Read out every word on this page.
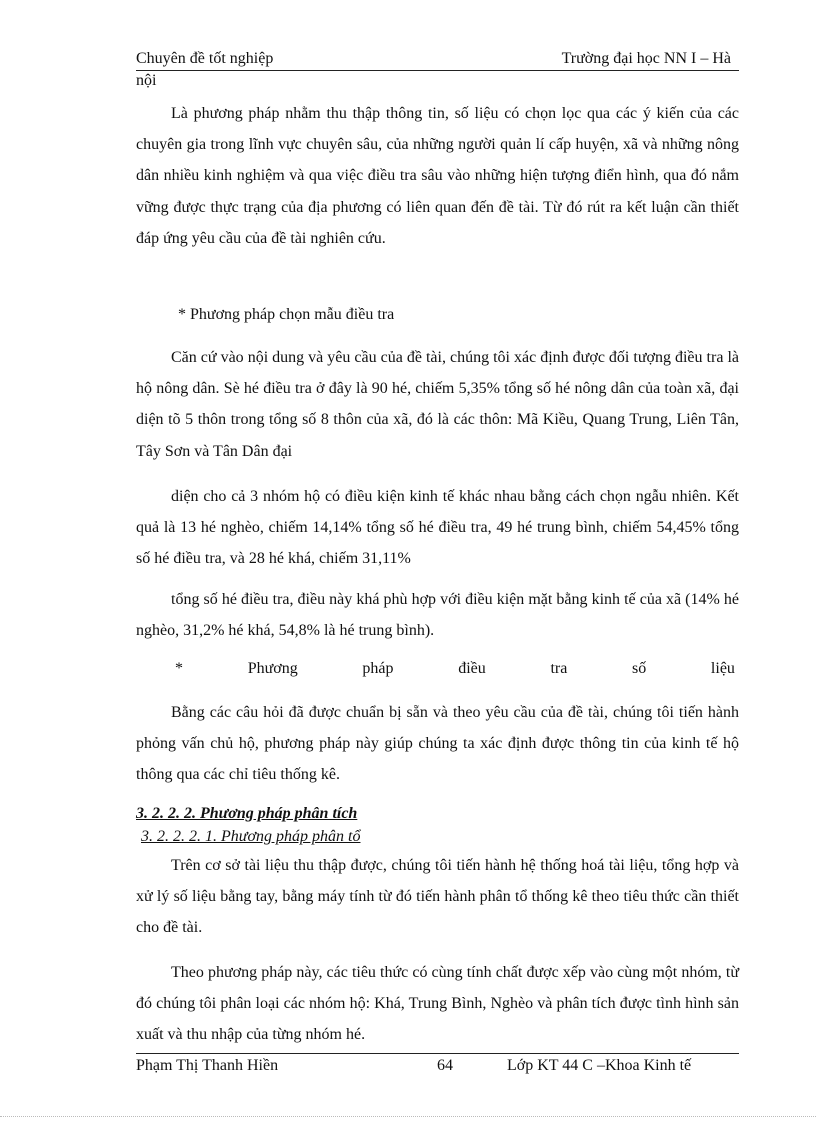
Chuyên đề tốt nghiệp	Trường đại học NN I – Hà
nội

Là phương pháp nhằm thu thập thông tin, số liệu có chọn lọc qua các ý kiến của các chuyên gia trong lĩnh vực chuyên sâu, của những người quản lí cấp huyện, xã và những nông dân nhiều kinh nghiệm và qua việc điều tra sâu vào những hiện tượng điển hình, qua đó nắm vững được thực trạng của địa phương có liên quan đến đề tài. Từ đó rút ra kết luận cần thiết đáp ứng yêu cầu của đề tài nghiên cứu.

* Phương pháp chọn mẫu điều tra

Căn cứ vào nội dung và yêu cầu của đề tài, chúng tôi xác định được đối tượng điều tra là hộ nông dân. Sè hé điều tra ở đây là 90 hé, chiếm 5,35% tổng số hé nông dân của toàn xã, đại diện tõ 5 thôn trong tổng số 8 thôn của xã, đó là các thôn: Mã Kiều, Quang Trung, Liên Tân, Tây Sơn và Tân Dân đại

diện cho cả 3 nhóm hộ có điều kiện kinh tế khác nhau bằng cách chọn ngẫu nhiên. Kết quả là 13 hé nghèo, chiếm 14,14% tổng số hé điều tra, 49 hé trung bình, chiếm 54,45% tổng số hé điều tra, và 28 hé khá, chiếm 31,11%

tổng số hé điều tra, điều này khá phù hợp với điều kiện mặt bằng kinh tế của xã (14% hé nghèo, 31,2% hé khá, 54,8% là hé trung bình).

*	Phương	pháp	điều	tra	số	liệu

Bằng các câu hỏi đã được chuẩn bị sẵn và theo yêu cầu của đề tài, chúng tôi tiến hành phỏng vấn chủ hộ, phương pháp này giúp chúng ta xác định được thông tin của kinh tế hộ thông qua các chỉ tiêu thống kê.

3. 2. 2. 2. Phương pháp phân tích
3. 2. 2. 2. 1. Phương pháp phân tổ

Trên cơ sở tài liệu thu thập được, chúng tôi tiến hành hệ thống hoá tài liệu, tổng hợp và xử lý số liệu bằng tay, bằng máy tính từ đó tiến hành phân tổ thống kê theo tiêu thức cần thiết cho đề tài.

Theo phương pháp này, các tiêu thức có cùng tính chất được xếp vào cùng một nhóm, từ đó chúng tôi phân loại các nhóm hộ: Khá, Trung Bình, Nghèo và phân tích được tình hình sản xuất và thu nhập của từng nhóm hé.

Phạm Thị Thanh Hiền	64	Lớp KT 44 C –Khoa Kinh tế
